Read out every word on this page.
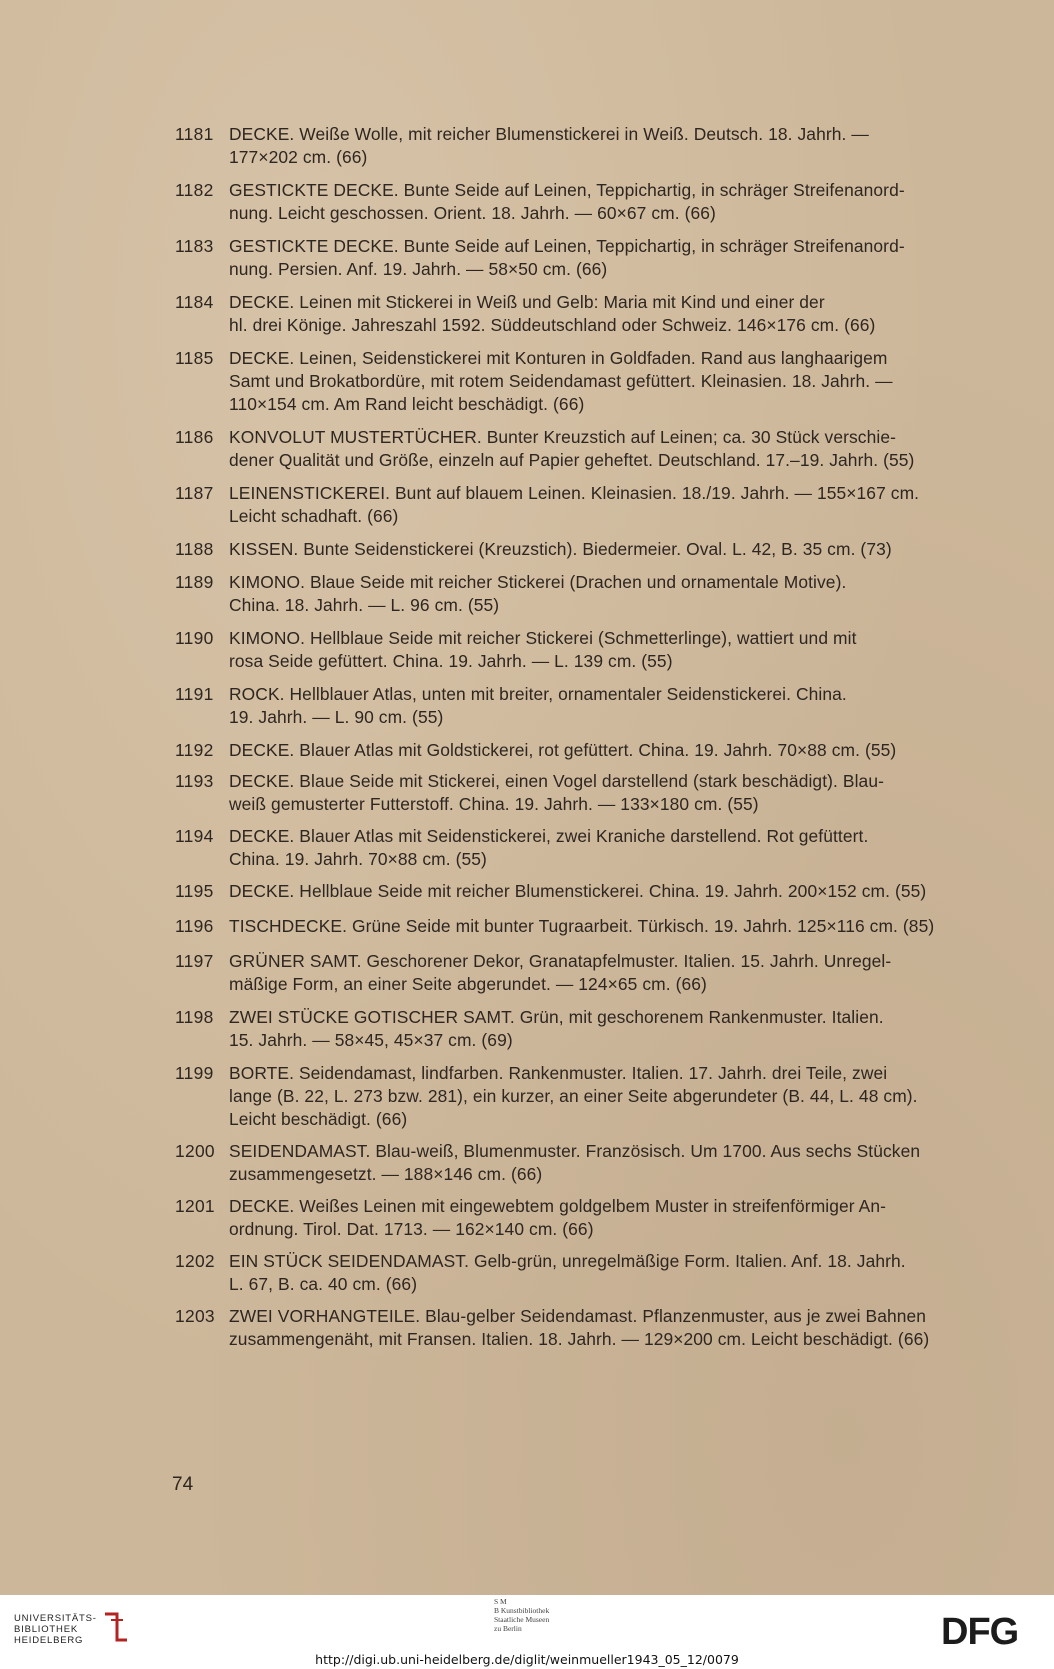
1181 DECKE. Weiße Wolle, mit reicher Blumenstickerei in Weiß. Deutsch. 18. Jahrh. —
177×202 cm. (66)
1182 GESTICKTE DECKE. Bunte Seide auf Leinen, Teppichartig, in schräger Streifenanord-
nung. Leicht geschossen. Orient. 18. Jahrh. — 60×67 cm. (66)
1183 GESTICKTE DECKE. Bunte Seide auf Leinen, Teppichartig, in schräger Streifenanord-
nung. Persien. Anf. 19. Jahrh. — 58×50 cm. (66)
1184 DECKE. Leinen mit Stickerei in Weiß und Gelb: Maria mit Kind und einer der
hl. drei Könige. Jahreszahl 1592. Süddeutschland oder Schweiz. 146×176 cm. (66)
1185 DECKE. Leinen, Seidenstickerei mit Konturen in Goldfaden. Rand aus langhaarigem
Samt und Brokatbordüre, mit rotem Seidendamast gefüttert. Kleinasien. 18. Jahrh. —
110×154 cm. Am Rand leicht beschädigt. (66)
1186 KONVOLUT MUSTERTÜCHER. Bunter Kreuzstich auf Leinen; ca. 30 Stück verschie-
dener Qualität und Größe, einzeln auf Papier geheftet. Deutschland. 17.–19. Jahrh. (55)
1187 LEINENSTICKEREI. Bunt auf blauem Leinen. Kleinasien. 18./19. Jahrh. — 155×167 cm.
Leicht schadhaft. (66)
1188 KISSEN. Bunte Seidenstickerei (Kreuzstich). Biedermeier. Oval. L. 42, B. 35 cm. (73)
1189 KIMONO. Blaue Seide mit reicher Stickerei (Drachen und ornamentale Motive).
China. 18. Jahrh. — L. 96 cm. (55)
1190 KIMONO. Hellblaue Seide mit reicher Stickerei (Schmetterlinge), wattiert und mit
rosa Seide gefüttert. China. 19. Jahrh. — L. 139 cm. (55)
1191 ROCK. Hellblauer Atlas, unten mit breiter, ornamentaler Seidenstickerei. China.
19. Jahrh. — L. 90 cm. (55)
1192 DECKE. Blauer Atlas mit Goldstickerei, rot gefüttert. China. 19. Jahrh. 70×88 cm. (55)
1193 DECKE. Blaue Seide mit Stickerei, einen Vogel darstellend (stark beschädigt). Blau-
weiß gemusterter Futterstoff. China. 19. Jahrh. — 133×180 cm. (55)
1194 DECKE. Blauer Atlas mit Seidenstickerei, zwei Kraniche darstellend. Rot gefüttert.
China. 19. Jahrh. 70×88 cm. (55)
1195 DECKE. Hellblaue Seide mit reicher Blumenstickerei. China. 19. Jahrh. 200×152 cm. (55)
1196 TISCHDECKE. Grüne Seide mit bunter Tugraarbeit. Türkisch. 19. Jahrh. 125×116 cm. (85)
1197 GRÜNER SAMT. Geschorener Dekor, Granatapfelmuster. Italien. 15. Jahrh. Unregel-
mäßige Form, an einer Seite abgerundet. — 124×65 cm. (66)
1198 ZWEI STÜCKE GOTISCHER SAMT. Grün, mit geschorenem Rankenmuster. Italien.
15. Jahrh. — 58×45, 45×37 cm. (69)
1199 BORTE. Seidendamast, lindfarben. Rankenmuster. Italien. 17. Jahrh. drei Teile, zwei
lange (B. 22, L. 273 bzw. 281), ein kurzer, an einer Seite abgerundeter (B. 44, L. 48 cm).
Leicht beschädigt. (66)
1200 SEIDENDAMAST. Blau-weiß, Blumenmuster. Französisch. Um 1700. Aus sechs Stücken
zusammengesetzt. — 188×146 cm. (66)
1201 DECKE. Weißes Leinen mit eingewebtem goldgelbem Muster in streifenförmiger An-
ordnung. Tirol. Dat. 1713. — 162×140 cm. (66)
1202 EIN STÜCK SEIDENDAMAST. Gelb-grün, unregelmäßige Form. Italien. Anf. 18. Jahrh.
L. 67, B. ca. 40 cm. (66)
1203 ZWEI VORHANGTEILE. Blau-gelber Seidendamast. Pflanzenmuster, aus je zwei Bahnen
zusammengenäht, mit Fransen. Italien. 18. Jahrh. — 129×200 cm. Leicht beschädigt. (66)
74
UNIVERSITÄTS-
BIBLIOTHEK
HEIDELBERG
S M
B Kunstbibliothek
Staatliche Museen
zu Berlin	DFG
http://digi.ub.uni-heidelberg.de/diglit/weinmueller1943_05_12/0079
